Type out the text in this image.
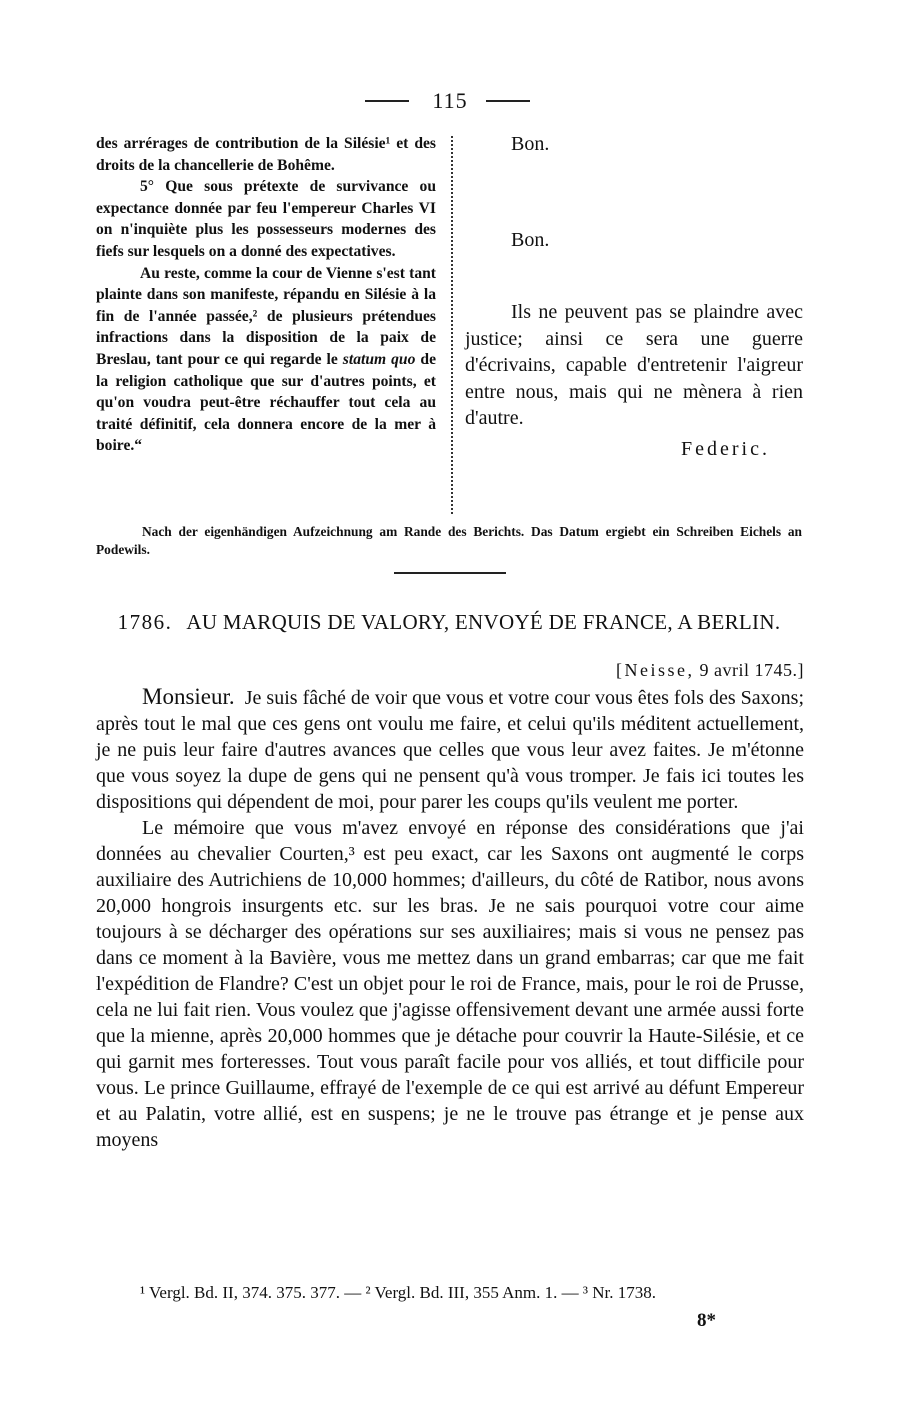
115

des arrérages de contribution de la Silésie¹ et des droits de la chancellerie de Bohême.

5° Que sous prétexte de survivance ou expectance donnée par feu l'empereur Charles VI on n'inquiète plus les possesseurs modernes des fiefs sur lesquels on a donné des expectatives.

Au reste, comme la cour de Vienne s'est tant plainte dans son manifeste, répandu en Silésie à la fin de l'année passée,² de plusieurs prétendues infractions dans la disposition de la paix de Breslau, tant pour ce qui regarde le statum quo de la religion catholique que sur d'autres points, et qu'on voudra peut-être réchauffer tout cela au traité définitif, cela donnera encore de la mer à boire.“

Bon.
Bon.
Ils ne peuvent pas se plaindre avec justice; ainsi ce sera une guerre d'écrivains, capable d'entretenir l'aigreur entre nous, mais qui ne mènera à rien d'autre.
Federic.
Nach der eigenhändigen Aufzeichnung am Rande des Berichts. Das Datum ergiebt ein Schreiben Eichels an Podewils.
1786. AU MARQUIS DE VALORY, ENVOYÉ DE FRANCE, A BERLIN.
[Neisse, 9 avril 1745.]

Monsieur. Je suis fâché de voir que vous et votre cour vous êtes fols des Saxons; après tout le mal que ces gens ont voulu me faire, et celui qu'ils méditent actuellement, je ne puis leur faire d'autres avances que celles que vous leur avez faites. Je m'étonne que vous soyez la dupe de gens qui ne pensent qu'à vous tromper. Je fais ici toutes les dispositions qui dépendent de moi, pour parer les coups qu'ils veulent me porter.

Le mémoire que vous m'avez envoyé en réponse des considérations que j'ai données au chevalier Courten,³ est peu exact, car les Saxons ont augmenté le corps auxiliaire des Autrichiens de 10,000 hommes; d'ailleurs, du côté de Ratibor, nous avons 20,000 hongrois insurgents etc. sur les bras. Je ne sais pourquoi votre cour aime toujours à se décharger des opérations sur ses auxiliaires; mais si vous ne pensez pas dans ce moment à la Bavière, vous me mettez dans un grand embarras; car que me fait l'expédition de Flandre? C'est un objet pour le roi de France, mais, pour le roi de Prusse, cela ne lui fait rien. Vous voulez que j'agisse offensivement devant une armée aussi forte que la mienne, après 20,000 hommes que je détache pour couvrir la Haute-Silésie, et ce qui garnit mes forteresses. Tout vous paraît facile pour vos alliés, et tout difficile pour vous. Le prince Guillaume, effrayé de l'exemple de ce qui est arrivé au défunt Empereur et au Palatin, votre allié, est en suspens; je ne le trouve pas étrange et je pense aux moyens

¹ Vergl. Bd. II, 374. 375. 377. — ² Vergl. Bd. III, 355 Anm. 1. — ³ Nr. 1738.
8*
